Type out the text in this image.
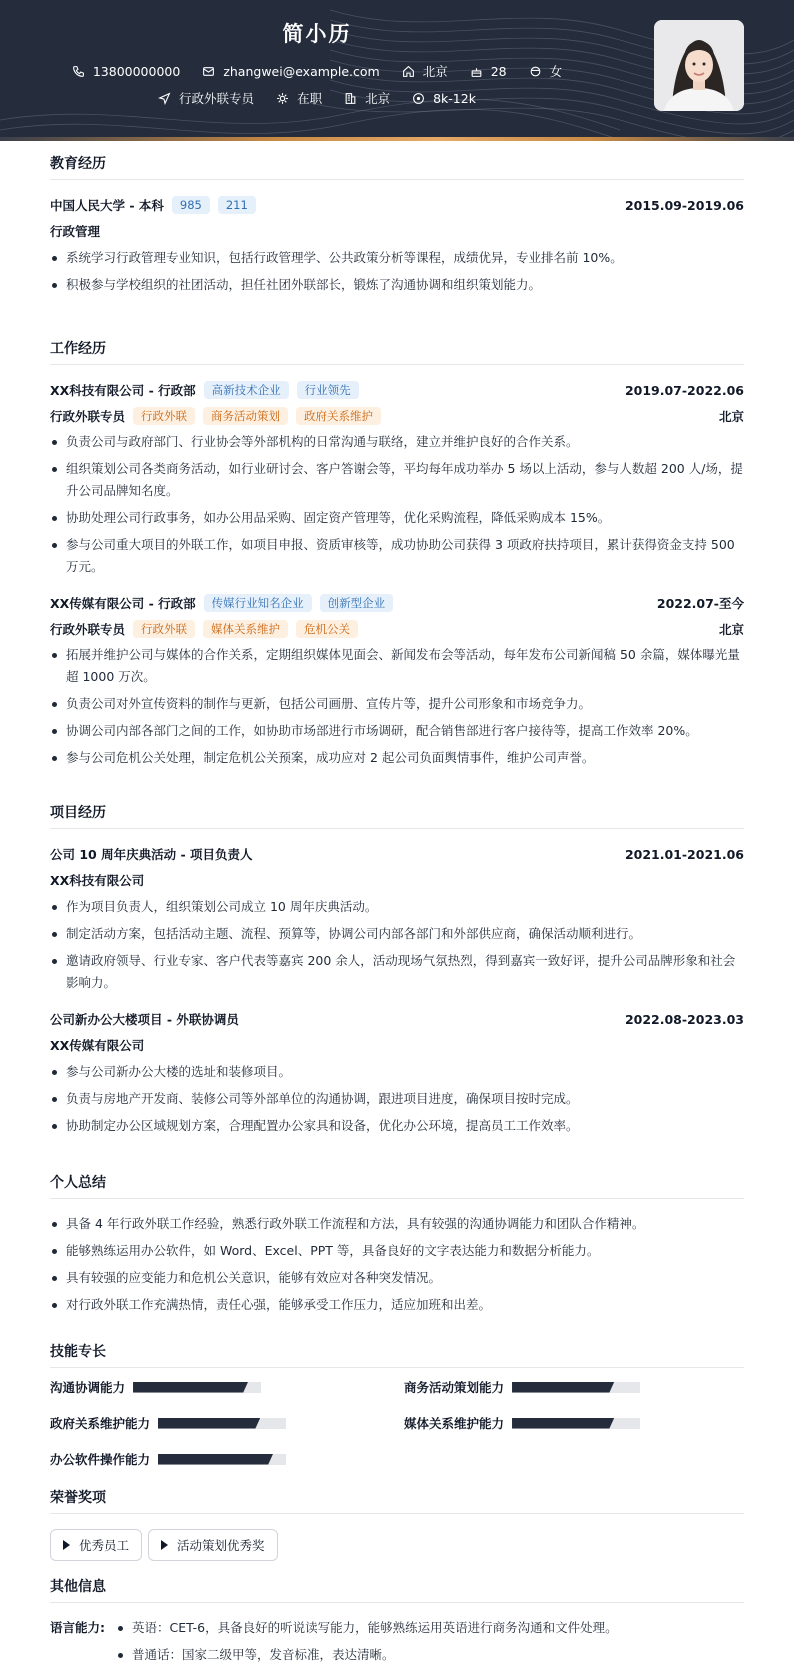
简小历
13800000000	zhangwei@example.com	北京	28	女
行政外联专员	在职	北京	8k-12k
教育经历
中国人民大学 - 本科	985	211	2015.09-2019.06
行政管理
系统学习行政管理专业知识，包括行政管理学、公共政策分析等课程，成绩优异，专业排名前 10%。
积极参与学校组织的社团活动，担任社团外联部长，锻炼了沟通协调和组织策划能力。
工作经历
XX科技有限公司 - 行政部	高新技术企业	行业领先	2019.07-2022.06
行政外联专员	行政外联	商务活动策划	政府关系维护	北京
负责公司与政府部门、行业协会等外部机构的日常沟通与联络，建立并维护良好的合作关系。
组织策划公司各类商务活动，如行业研讨会、客户答谢会等，平均每年成功举办 5 场以上活动，参与人数超 200 人/场，提升公司品牌知名度。
协助处理公司行政事务，如办公用品采购、固定资产管理等，优化采购流程，降低采购成本 15%。
参与公司重大项目的外联工作，如项目申报、资质审核等，成功协助公司获得 3 项政府扶持项目，累计获得资金支持 500 万元。
XX传媒有限公司 - 行政部	传媒行业知名企业	创新型企业	2022.07-至今
行政外联专员	行政外联	媒体关系维护	危机公关	北京
拓展并维护公司与媒体的合作关系，定期组织媒体见面会、新闻发布会等活动，每年发布公司新闻稿 50 余篇，媒体曝光量超 1000 万次。
负责公司对外宣传资料的制作与更新，包括公司画册、宣传片等，提升公司形象和市场竞争力。
协调公司内部各部门之间的工作，如协助市场部进行市场调研，配合销售部进行客户接待等，提高工作效率 20%。
参与公司危机公关处理，制定危机公关预案，成功应对 2 起公司负面舆情事件，维护公司声誉。
项目经历
公司 10 周年庆典活动 - 项目负责人	2021.01-2021.06
XX科技有限公司
作为项目负责人，组织策划公司成立 10 周年庆典活动。
制定活动方案，包括活动主题、流程、预算等，协调公司内部各部门和外部供应商，确保活动顺利进行。
邀请政府领导、行业专家、客户代表等嘉宾 200 余人，活动现场气氛热烈，得到嘉宾一致好评，提升公司品牌形象和社会影响力。
公司新办公大楼项目 - 外联协调员	2022.08-2023.03
XX传媒有限公司
参与公司新办公大楼的选址和装修项目。
负责与房地产开发商、装修公司等外部单位的沟通协调，跟进项目进度，确保项目按时完成。
协助制定办公区域规划方案，合理配置办公家具和设备，优化办公环境，提高员工工作效率。
个人总结
具备 4 年行政外联工作经验，熟悉行政外联工作流程和方法，具有较强的沟通协调能力和团队合作精神。
能够熟练运用办公软件，如 Word、Excel、PPT 等，具备良好的文字表达能力和数据分析能力。
具有较强的应变能力和危机公关意识，能够有效应对各种突发情况。
对行政外联工作充满热情，责任心强，能够承受工作压力，适应加班和出差。
技能专长
沟通协调能力	商务活动策划能力
政府关系维护能力	媒体关系维护能力
办公软件操作能力
荣誉奖项
优秀员工	活动策划优秀奖
其他信息
语言能力:	英语：CET-6，具备良好的听说读写能力，能够熟练运用英语进行商务沟通和文件处理。
普通话：国家二级甲等，发音标准，表达清晰。
